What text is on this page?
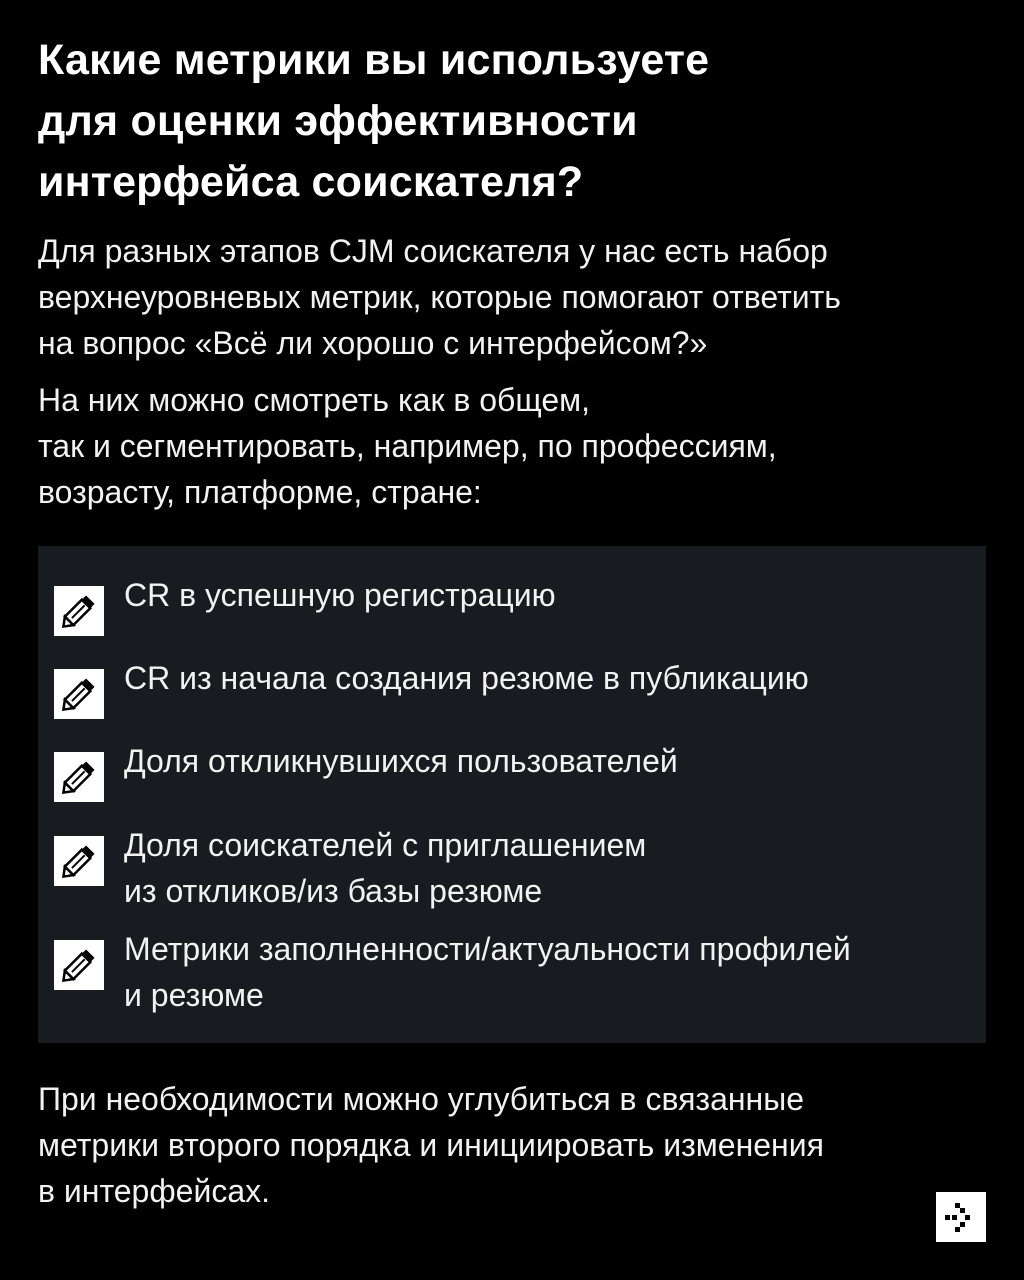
Какие метрики вы используете
для оценки эффективности
интерфейса соискателя?

Для разных этапов CJM соискателя у нас есть набор
верхнеуровневых метрик, которые помогают ответить
на вопрос «Всё ли хорошо с интерфейсом?»

На них можно смотреть как в общем,
так и сегментировать, например, по профессиям,
возрасту, платформе, стране:

CR в успешную регистрацию
CR из начала создания резюме в публикацию
Доля откликнувшихся пользователей
Доля соискателей с приглашением
из откликов/из базы резюме
Метрики заполненности/актуальности профилей
и резюме

При необходимости можно углубиться в связанные
метрики второго порядка и инициировать изменения
в интерфейсах.
